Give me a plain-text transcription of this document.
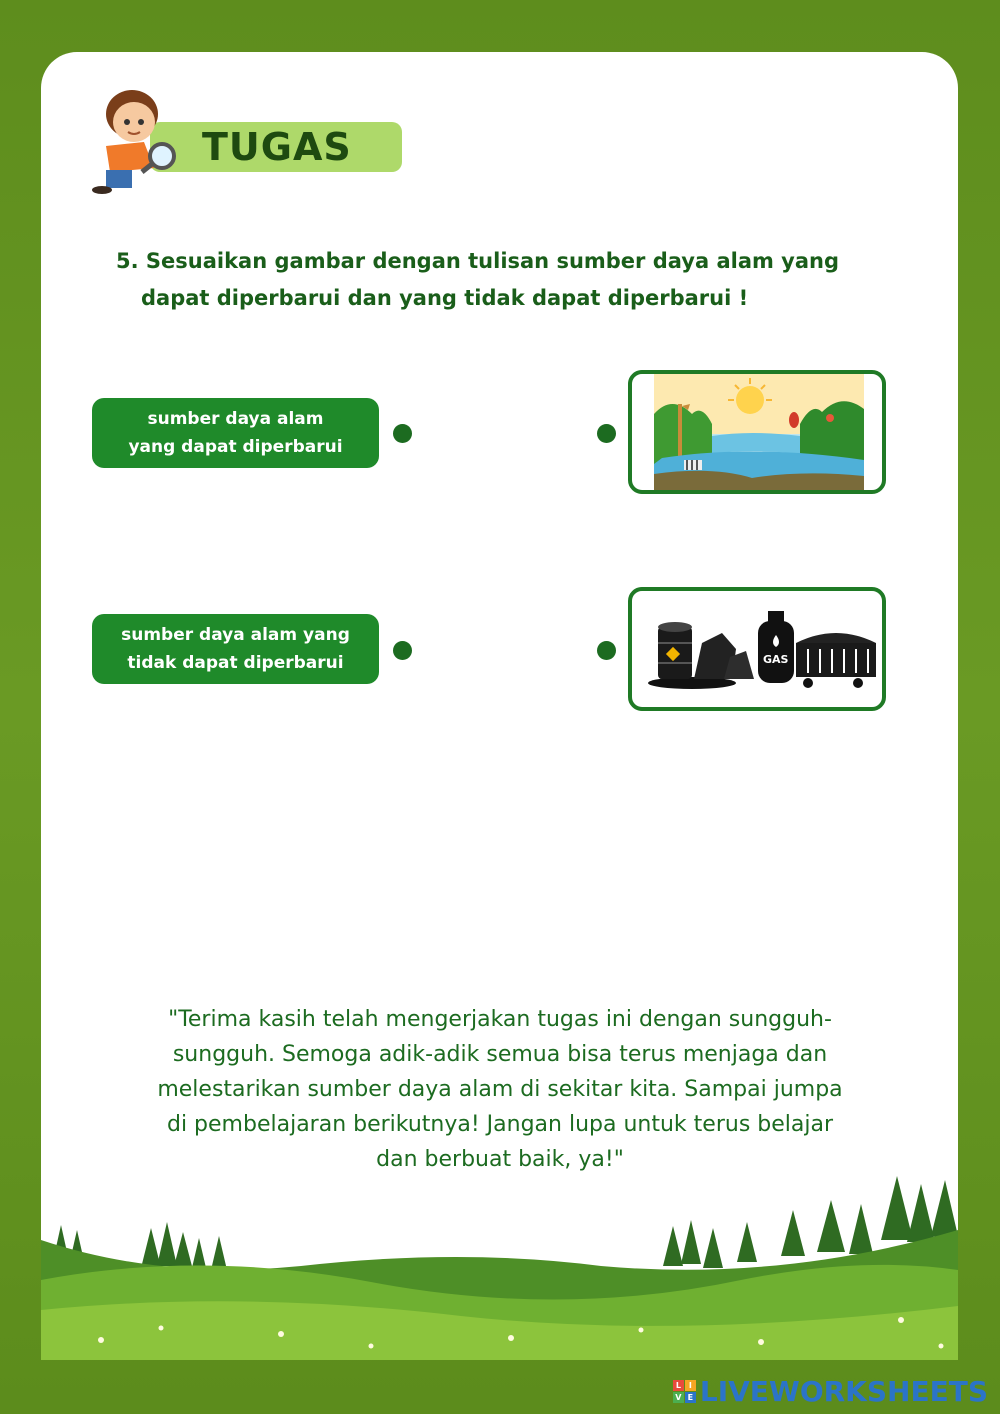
TUGAS
5. Sesuaikan gambar dengan tulisan sumber daya alam yang
dapat diperbarui dan yang tidak dapat diperbarui !
sumber daya alam
yang dapat diperbarui
sumber daya alam yang
tidak dapat diperbarui	GAS
"Terima kasih telah mengerjakan tugas ini dengan sungguh-
sungguh. Semoga adik-adik semua bisa terus menjaga dan
melestarikan sumber daya alam di sekitar kita. Sampai jumpa
di pembelajaran berikutnya! Jangan lupa untuk terus belajar
dan berbuat baik, ya!"
L I
V E LIVEWORKSHEETS
